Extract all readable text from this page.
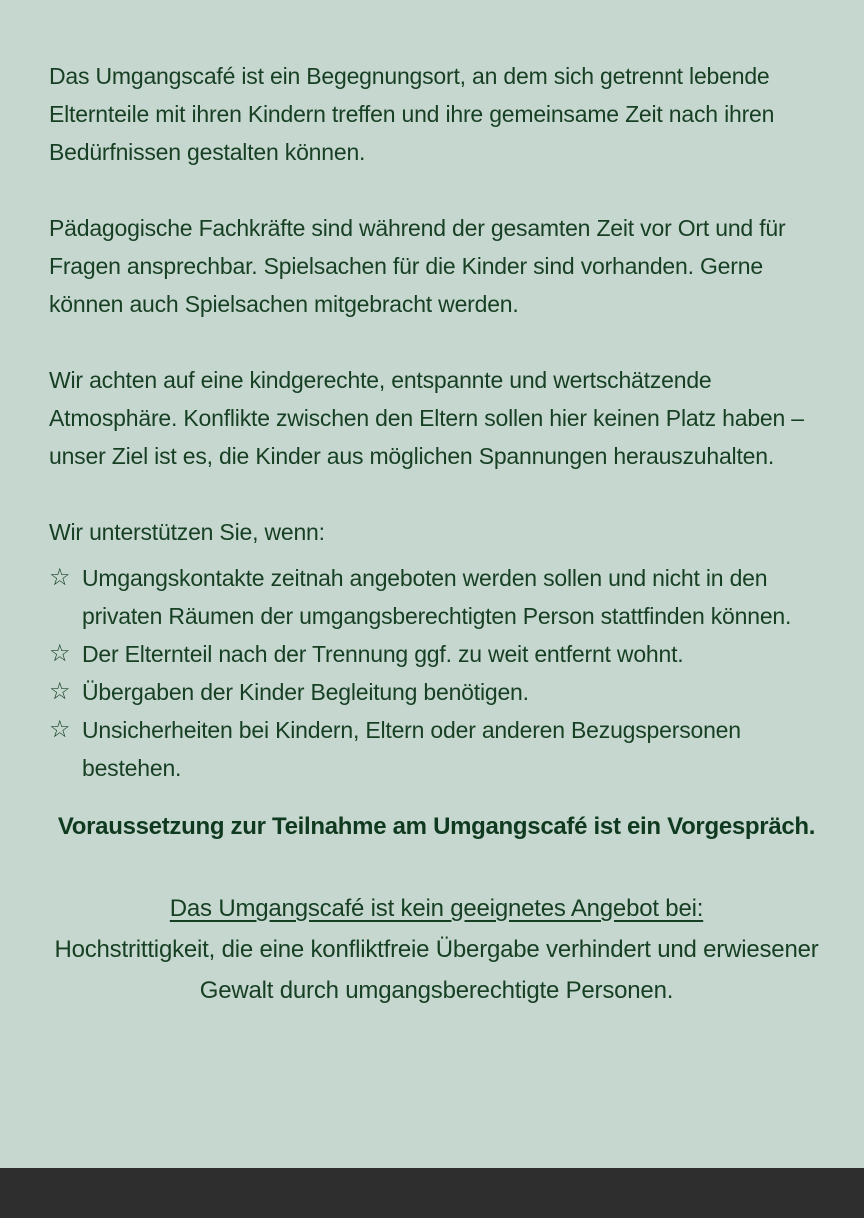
Das Umgangscafé ist ein Begegnungsort, an dem sich getrennt lebende Elternteile mit ihren Kindern treffen und ihre gemeinsame Zeit nach ihren Bedürfnissen gestalten können.

Pädagogische Fachkräfte sind während der gesamten Zeit vor Ort und für Fragen ansprechbar. Spielsachen für die Kinder sind vorhanden. Gerne können auch Spielsachen mitgebracht werden.

Wir achten auf eine kindgerechte, entspannte und wertschätzende Atmosphäre. Konflikte zwischen den Eltern sollen hier keinen Platz haben – unser Ziel ist es, die Kinder aus möglichen Spannungen herauszuhalten.

Wir unterstützen Sie, wenn:

☆ Umgangskontakte zeitnah angeboten werden sollen und nicht in den privaten Räumen der umgangsberechtigten Person stattfinden können.
☆ Der Elternteil nach der Trennung ggf. zu weit entfernt wohnt.
☆ Übergaben der Kinder Begleitung benötigen.
☆ Unsicherheiten bei Kindern, Eltern oder anderen Bezugspersonen bestehen.
Voraussetzung zur Teilnahme am Umgangscafé ist ein Vorgespräch.
Das Umgangscafé ist kein geeignetes Angebot bei:
Hochstrittigkeit, die eine konfliktfreie Übergabe verhindert und erwiesener Gewalt durch umgangsberechtigte Personen.
